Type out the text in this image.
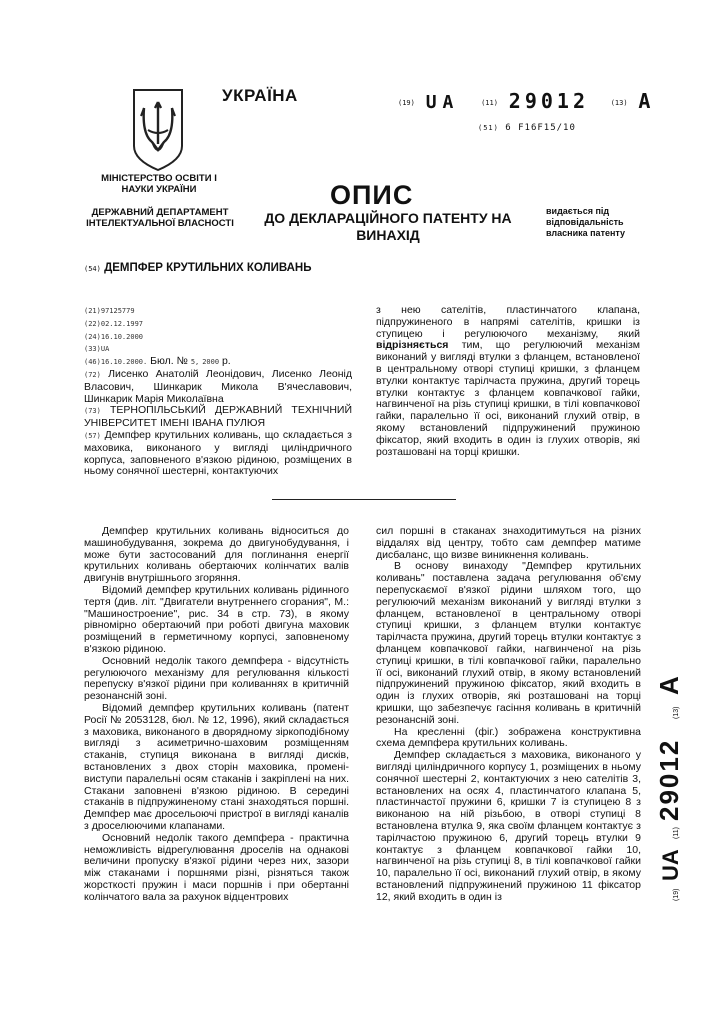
МІНІСТЕРСТВО ОСВІТИ І НАУКИ УКРАЇНИ
ДЕРЖАВНИЙ ДЕПАРТАМЕНТ ІНТЕЛЕКТУАЛЬНОЇ ВЛАСНОСТІ
УКРАЇНА	(19) UA	(11) 29012	(13) A
(51) 6 F16F15/10
ОПИС
ДО ДЕКЛАРАЦІЙНОГО ПАТЕНТУ НА ВИНАХІД
видається під відповідальність власника патенту
(54) ДЕМПФЕР КРУТИЛЬНИХ КОЛИВАНЬ
(21)97125779
(22)02.12.1997
(24)16.10.2000
(33)UA
(46)16.10.2000. Бюл. № 5, 2000 р.
(72) Лисенко Анатолій Леонідович, Лисенко Леонід Власович, Шинкарик Микола В'ячеславович, Шинкарик Марія Миколаївна
(73) ТЕРНОПІЛЬСЬКИЙ ДЕРЖАВНИЙ ТЕХНІЧНИЙ УНІВЕРСИТЕТ ІМЕНІ ІВАНА ПУЛЮЯ
(57) Демпфер крутильних коливань, що складається з маховика, виконаного у вигляді циліндричного корпуса, заповненого в'язкою рідиною, розміщених в ньому сонячної шестерні, контактуючих
з нею сателітів, пластинчатого клапана, підпружиненого в напрямі сателітів, кришки із ступицею і регулюючого механізму, який відрізняється тим, що регулюючий механізм виконаний у вигляді втулки з фланцем, встановленої в центральному отворі ступиці кришки, з фланцем втулки контактує тарілчаста пружина, другий торець втулки контактує з фланцем ковпачкової гайки, нагвинченої на різь ступиці кришки, в тілі ковпачкової гайки, паралельно її осі, виконаний глухий отвір, в якому встановлений підпружинений пружиною фіксатор, який входить в один із глухих отворів, які розташовані на торці кришки.

Демпфер крутильних коливань відноситься до машинобудування, зокрема до двигунобудування, і може бути застосований для поглинання енергії крутильних коливань обертаючих колінчатих валів двигунів внутрішнього згоряння.

Відомий демпфер крутильних коливань рідинного тертя (див. літ. "Двигатели внутреннего сгорания", М.: "Машиностроение", рис. 34 в стр. 73), в якому рівномірно обертаючий при роботі двигуна маховик розміщений в герметичному корпусі, заповненому в'язкою рідиною.

Основний недолік такого демпфера - відсутність регулюючого механізму для регулювання кількості перепуску в'язкої рідини при коливаннях в критичній резонансній зоні.

Відомий демпфер крутильних коливань (патент Росії № 2053128, бюл. № 12, 1996), який складається з маховика, виконаного в дворядному зіркоподібному вигляді з асиметрично-шаховим розміщенням стаканів, ступиця виконана в вигляді дисків, встановлених з двох сторін маховика, промені-виступи паралельні осям стаканів і закріплені на них. Стакани заповнені в'язкою рідиною. В середині стаканів в підпружиненому стані знаходяться поршні. Демпфер має дросельоючі пристрої в вигляді каналів з дроселюючими клапанами.

Основний недолік такого демпфера - практична неможливість відрегулювання дроселів на однакові величини пропуску в'язкої рідини через них, зазори між стаканами і поршнями різні, різняться також жорсткості пружин і маси поршнів і при обертанні колінчатого вала за рахунок відцентрових

сил поршні в стаканах знаходитимуться на різних віддалях від центру, тобто сам демпфер матиме дисбаланс, що визве виникнення коливань.

В основу винаходу "Демпфер крутильних коливань" поставлена задача регулювання об'єму перепускаємої в'язкої рідини шляхом того, що регулюючий механізм виконаний у вигляді втулки з фланцем, встановленої в центральному отворі ступиці кришки, з фланцем втулки контактує тарілчаста пружина, другий торець втулки контактує з фланцем ковпачкової гайки, нагвинченої на різь ступиці кришки, в тілі ковпачкової гайки, паралельно її осі, виконаний глухий отвір, в якому встановлений підпружинений пружиною фіксатор, який входить в один із глухих отворів, які розташовані на торці кришки, що забезпечує гасіння коливань в критичній резонансній зоні.

На кресленні (фіг.) зображена конструктивна схема демпфера крутильних коливань.

Демпфер складається з маховика, виконаного у вигляді циліндричного корпусу 1, розміщених в ньому сонячної шестерні 2, контактуючих з нею сателітів 3, встановлених на осях 4, пластинчатого клапана 5, пластинчастої пружини 6, кришки 7 із ступицею 8 з виконаною на ній різьбою, в отворі ступиці 8 встановлена втулка 9, яка своїм фланцем контактує з тарілчастою пружиною 6, другий торець втулки 9 контактує з фланцем ковпачкової гайки 10, нагвинченої на різь ступиці 8, в тілі ковпачкової гайки 10, паралельно її осі, виконаний глухий отвір, в якому встановлений підпружинений пружиною 11 фіксатор 12, який входить в один із	(19)
UA
(11)
29012
(13)
A
